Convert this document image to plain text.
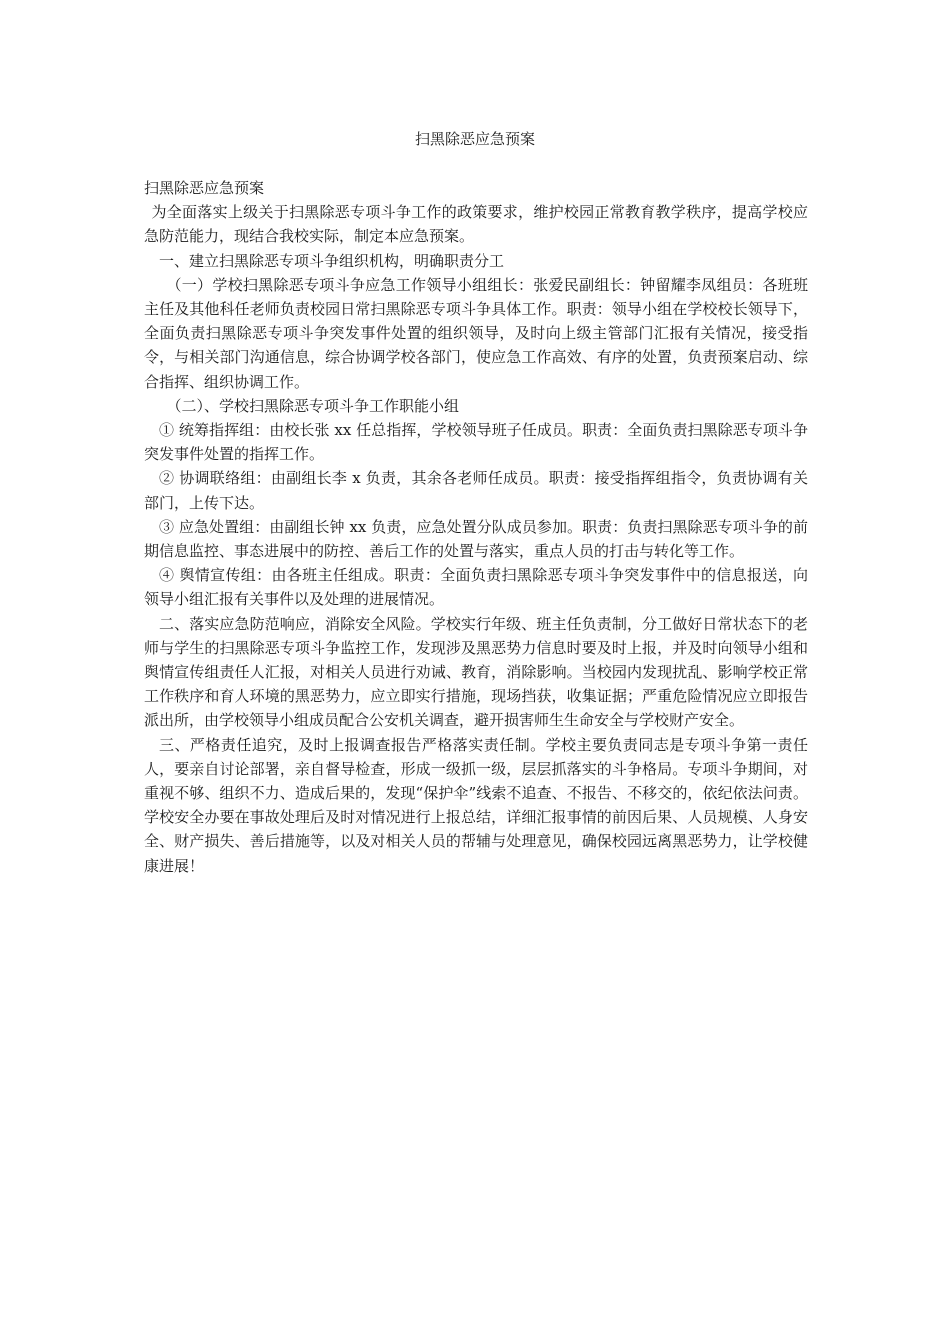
扫黑除恶应急预案

扫黑除恶应急预案

为全面落实上级关于扫黑除恶专项斗争工作的政策要求，维护校园正常教育教学秩序，提高学校应急防范能力，现结合我校实际，制定本应急预案。

一、建立扫黑除恶专项斗争组织机构，明确职责分工

（一）学校扫黑除恶专项斗争应急工作领导小组组长：张爱民副组长：钟留耀李凤组员：各班班主任及其他科任老师负责校园日常扫黑除恶专项斗争具体工作。职责：领导小组在学校校长领导下，全面负责扫黑除恶专项斗争突发事件处置的组织领导，及时向上级主管部门汇报有关情况，接受指令，与相关部门沟通信息，综合协调学校各部门，使应急工作高效、有序的处置，负责预案启动、综合指挥、组织协调工作。

（二）、学校扫黑除恶专项斗争工作职能小组

① 统筹指挥组：由校长张 xx 任总指挥，学校领导班子任成员。职责：全面负责扫黑除恶专项斗争突发事件处置的指挥工作。

② 协调联络组：由副组长李 x 负责，其余各老师任成员。职责：接受指挥组指令，负责协调有关部门，上传下达。

③ 应急处置组：由副组长钟 xx 负责，应急处置分队成员参加。职责：负责扫黑除恶专项斗争的前期信息监控、事态进展中的防控、善后工作的处置与落实，重点人员的打击与转化等工作。

④ 舆情宣传组：由各班主任组成。职责：全面负责扫黑除恶专项斗争突发事件中的信息报送，向领导小组汇报有关事件以及处理的进展情况。

二、落实应急防范响应，消除安全风险。学校实行年级、班主任负责制，分工做好日常状态下的老师与学生的扫黑除恶专项斗争监控工作，发现涉及黑恶势力信息时要及时上报，并及时向领导小组和舆情宣传组责任人汇报，对相关人员进行劝诫、教育，消除影响。当校园内发现扰乱、影响学校正常工作秩序和育人环境的黑恶势力，应立即实行措施，现场挡获，收集证据；严重危险情况应立即报告派出所，由学校领导小组成员配合公安机关调查，避开损害师生生命安全与学校财产安全。

三、严格责任追究，及时上报调查报告严格落实责任制。学校主要负责同志是专项斗争第一责任人，要亲自讨论部署，亲自督导检查，形成一级抓一级，层层抓落实的斗争格局。专项斗争期间，对重视不够、组织不力、造成后果的，发现“保护伞”线索不追查、不报告、不移交的，依纪依法问责。学校安全办要在事故处理后及时对情况进行上报总结，详细汇报事情的前因后果、人员规模、人身安全、财产损失、善后措施等，以及对相关人员的帮辅与处理意见，确保校园远离黑恶势力，让学校健康进展！
